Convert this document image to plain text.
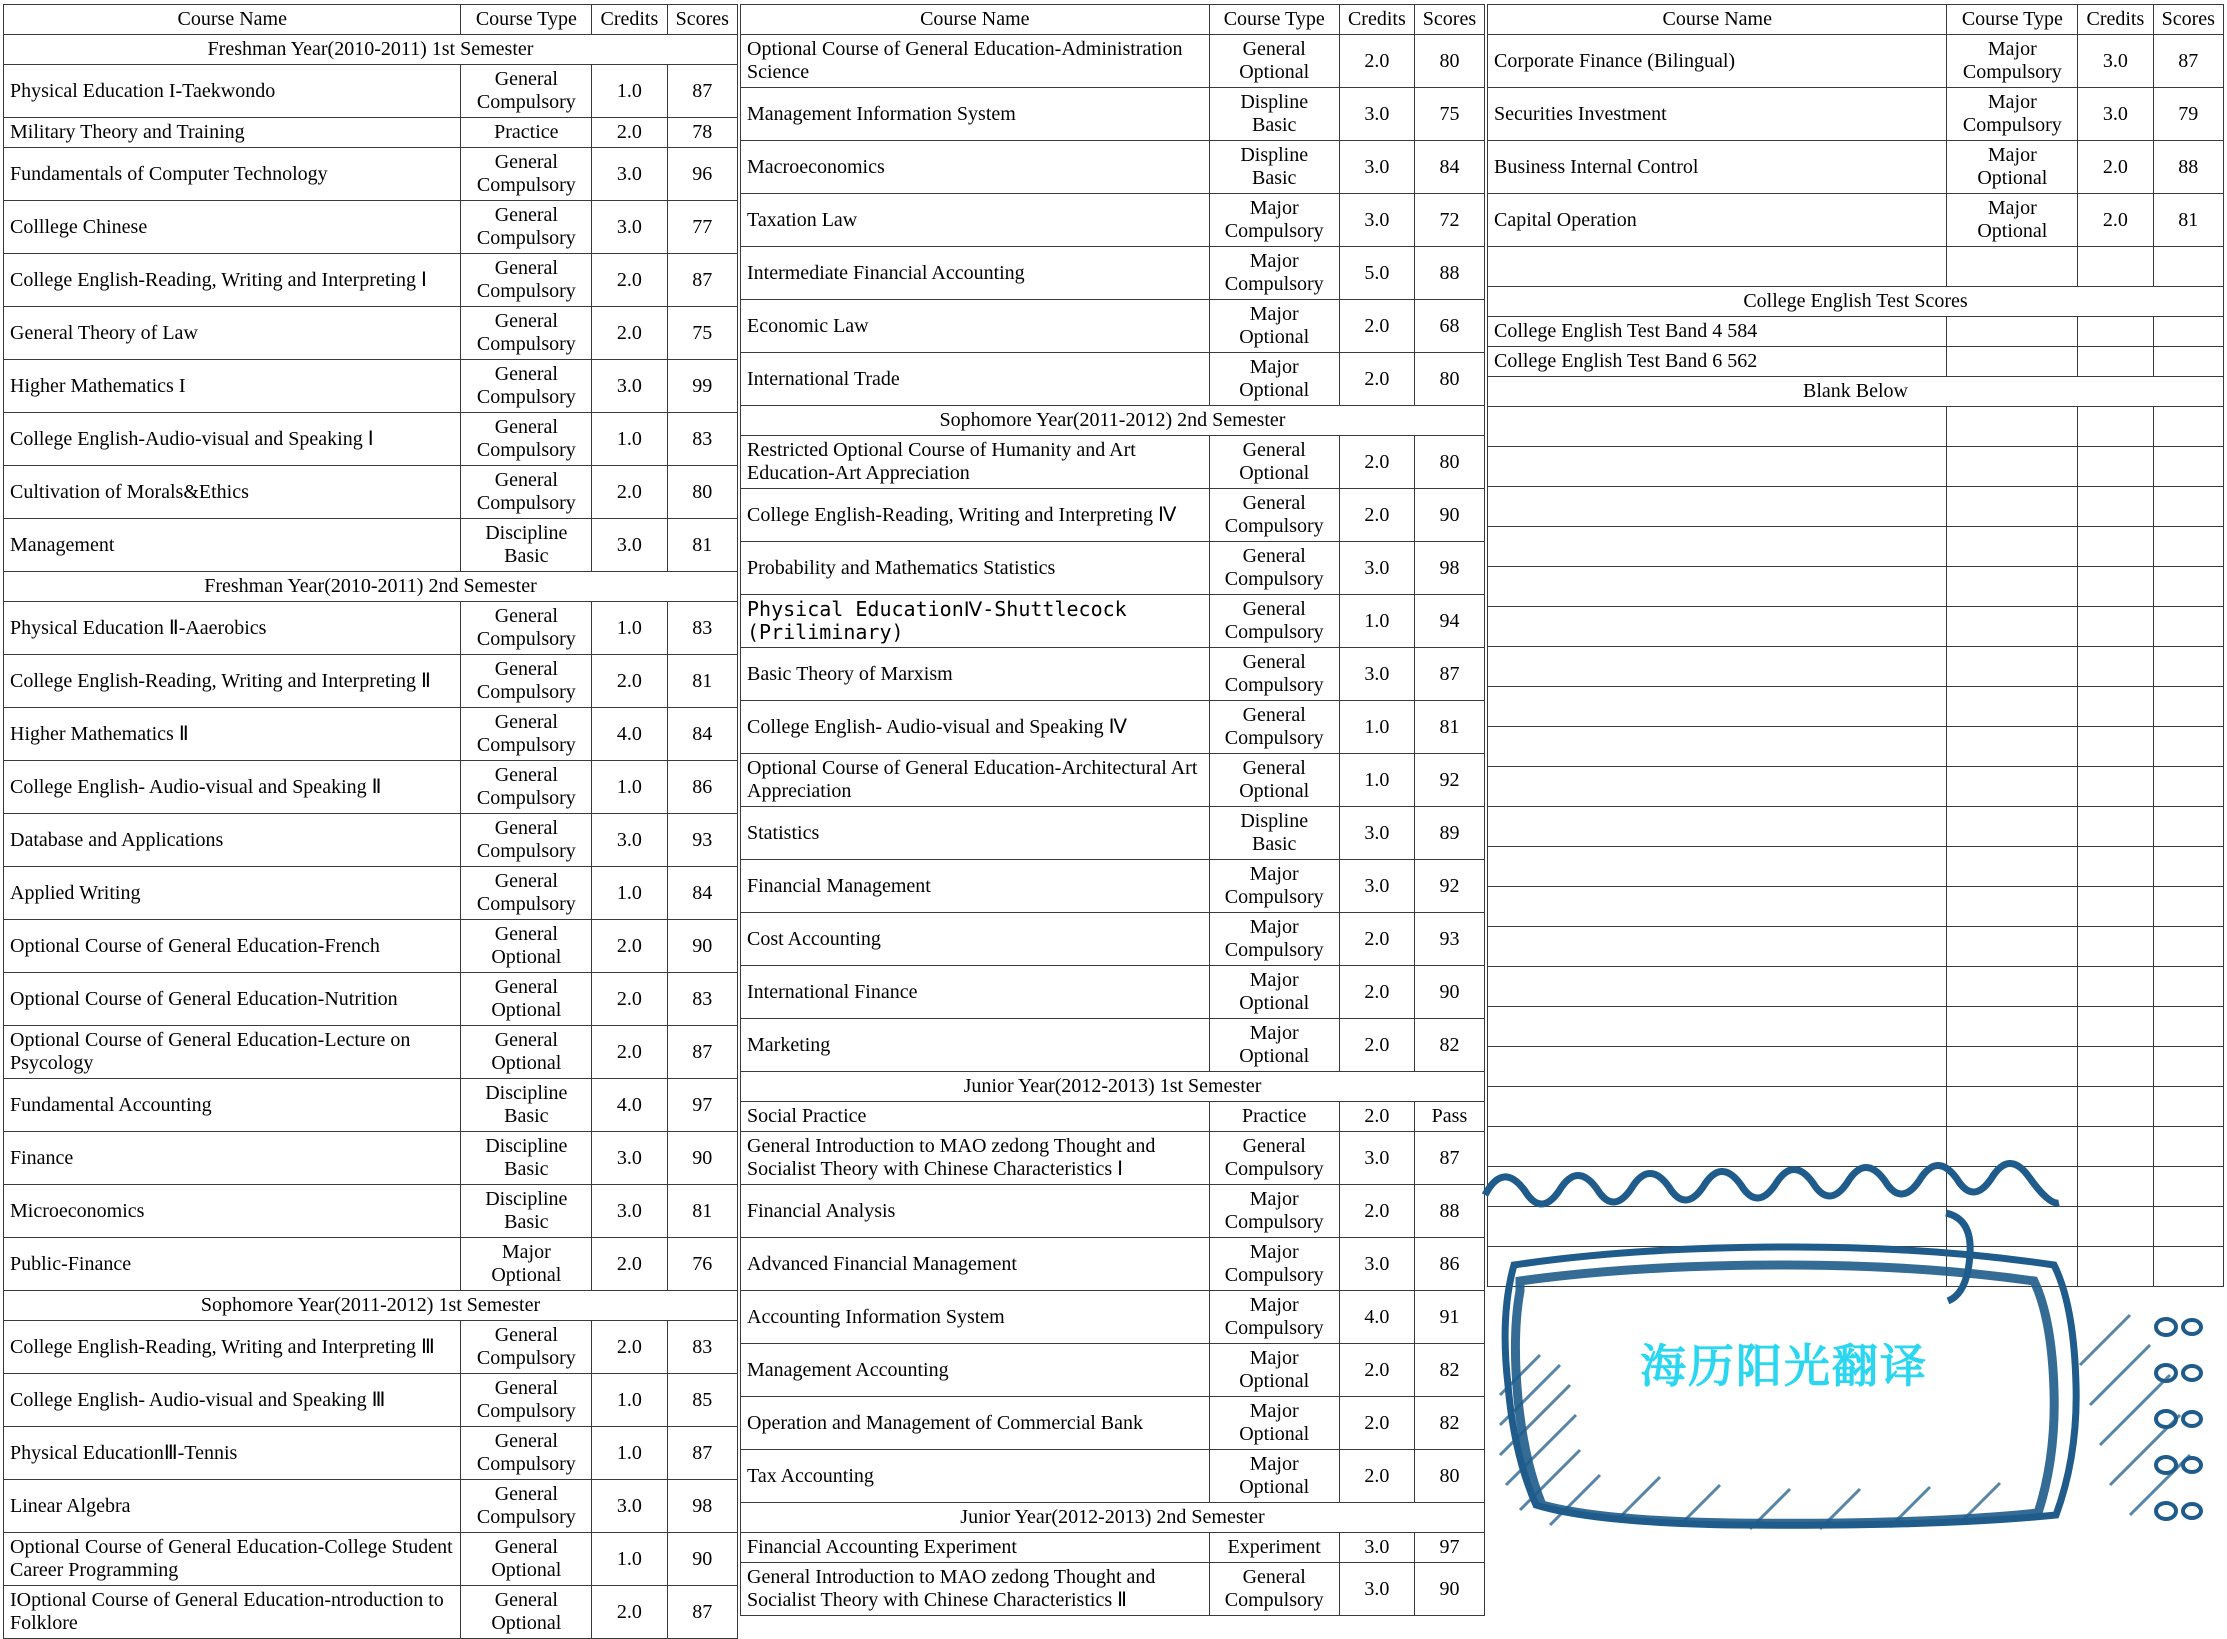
Course Name	Course Type	Credits	Scores
Freshman Year(2010-2011) 1st Semester			
Physical Education I-Taekwondo	General Compulsory	1.0	87
Military Theory and Training	Practice	2.0	78
Fundamentals of Computer Technology	General Compulsory	3.0	96
Colllege Chinese	General Compulsory	3.0	77
College English-Reading, Writing and Interpreting Ⅰ	General Compulsory	2.0	87
General Theory of Law	General Compulsory	2.0	75
Higher Mathematics I	General Compulsory	3.0	99
College English-Audio-visual and Speaking Ⅰ	General Compulsory	1.0	83
Cultivation of Morals&Ethics	General Compulsory	2.0	80
Management	Discipline Basic	3.0	81
Freshman Year(2010-2011) 2nd Semester			
Physical Education Ⅱ-Aaerobics	General Compulsory	1.0	83
College English-Reading, Writing and Interpreting Ⅱ	General Compulsory	2.0	81
Higher Mathematics Ⅱ	General Compulsory	4.0	84
College English- Audio-visual and Speaking Ⅱ	General Compulsory	1.0	86
Database and Applications	General Compulsory	3.0	93
Applied Writing	General Compulsory	1.0	84
Optional Course of General Education-French	General Optional	2.0	90
Optional Course of General Education-Nutrition	General Optional	2.0	83
Optional Course of General Education-Lecture on Psycology	General Optional	2.0	87
Fundamental Accounting	Discipline Basic	4.0	97
Finance	Discipline Basic	3.0	90
Microeconomics	Discipline Basic	3.0	81
Public-Finance	Major Optional	2.0	76
Sophomore Year(2011-2012) 1st Semester			
College English-Reading, Writing and Interpreting Ⅲ	General Compulsory	2.0	83
College English- Audio-visual and Speaking Ⅲ	General Compulsory	1.0	85
Physical EducationⅢ-Tennis	General Compulsory	1.0	87
Linear Algebra	General Compulsory	3.0	98
Optional Course of General Education-College Student Career Programming	General Optional	1.0	90
IOptional Course of General Education-ntroduction to Folklore	General Optional	2.0	87
Course Name	Course Type	Credits	Scores
Optional Course of General Education-Administration Science	General Optional	2.0	80
Management Information System	Displine Basic	3.0	75
Macroeconomics	Displine Basic	3.0	84
Taxation Law	Major Compulsory	3.0	72
Intermediate Financial Accounting	Major Compulsory	5.0	88
Economic Law	Major Optional	2.0	68
International Trade	Major Optional	2.0	80
Sophomore Year(2011-2012) 2nd Semester			
Restricted Optional Course of Humanity and Art Education-Art Appreciation	General Optional	2.0	80
College English-Reading, Writing and Interpreting Ⅳ	General Compulsory	2.0	90
Probability and Mathematics Statistics	General Compulsory	3.0	98
Physical EducationⅣ-Shuttlecock (Priliminary)	General Compulsory	1.0	94
Basic Theory of Marxism	General Compulsory	3.0	87
College English- Audio-visual and Speaking Ⅳ	General Compulsory	1.0	81
Optional Course of General Education-Architectural Art Appreciation	General Optional	1.0	92
Statistics	Displine Basic	3.0	89
Financial Management	Major Compulsory	3.0	92
Cost Accounting	Major Compulsory	2.0	93
International Finance	Major Optional	2.0	90
Marketing	Major Optional	2.0	82
Junior Year(2012-2013) 1st Semester			
Social Practice	Practice	2.0	Pass
General Introduction to MAO zedong Thought and Socialist Theory with Chinese Characteristics Ⅰ	General Compulsory	3.0	87
Financial Analysis	Major Compulsory	2.0	88
Advanced Financial Management	Major Compulsory	3.0	86
Accounting Information System	Major Compulsory	4.0	91
Management Accounting	Major Optional	2.0	82
Operation and Management of Commercial Bank	Major Optional	2.0	82
Tax Accounting	Major Optional	2.0	80
Junior Year(2012-2013) 2nd Semester			
Financial Accounting Experiment	Experiment	3.0	97
General Introduction to MAO zedong Thought and Socialist Theory with Chinese Characteristics Ⅱ	General Compulsory	3.0	90
Course Name	Course Type	Credits	Scores
Corporate Finance (Bilingual)	Major Compulsory	3.0	87
Securities Investment	Major Compulsory	3.0	79
Business Internal Control	Major Optional	2.0	88
Capital Operation	Major Optional	2.0	81

College English Test Scores			
College English Test Band 4 584			
College English Test Band 6 562			
Blank Below			

海历阳光翻译
